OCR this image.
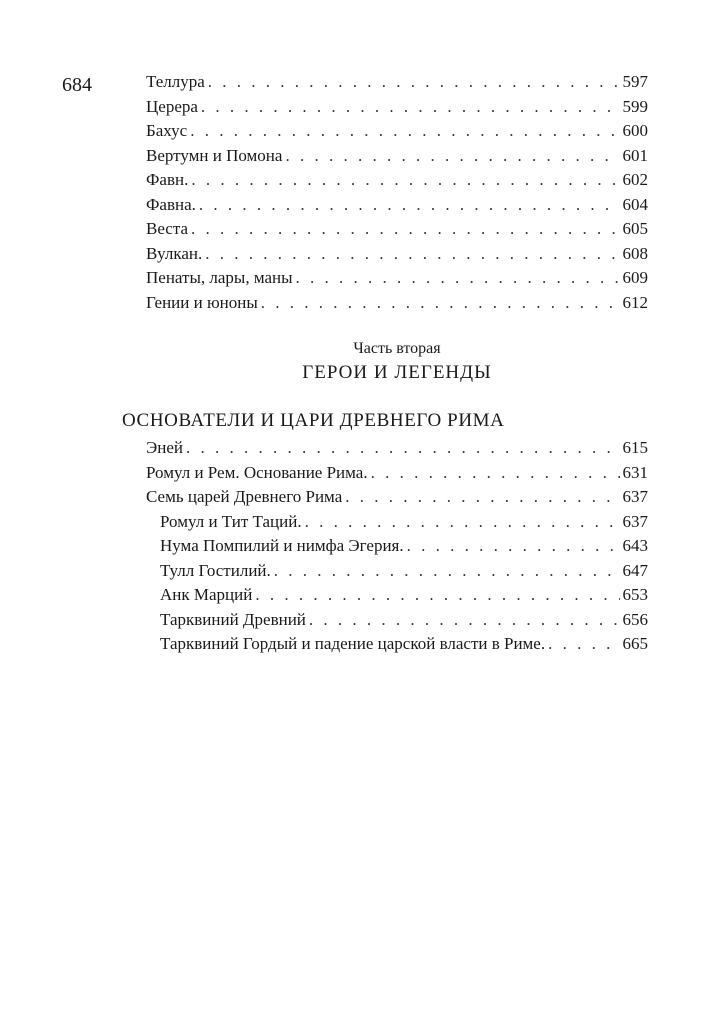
684	Теллура . . .	597
Церера . . .	599
Бахус . . .	600
Вертумн и Помона . . .	601
Фавн. . . .	602
Фавна. . . .	604
Веста . . .	605
Вулкан. . . .	608
Пенаты, лары, маны . . .	609
Гении и юноны . . .	612
Часть вторая
ГЕРОИ И ЛЕГЕНДЫ
ОСНОВАТЕЛИ И ЦАРИ ДРЕВНЕГО РИМА
Эней . . .	615
Ромул и Рем. Основание Рима. . . .	631
Семь царей Древнего Рима . . .	637
Ромул и Тит Таций. . . .	637
Нума Помпилий и нимфа Эгерия. . . .	643
Тулл Гостилий. . . .	647
Анк Марций . . .	653
Тарквиний Древний . . .	656
Тарквиний Гордый и падение царской власти в Риме. . . .	665
